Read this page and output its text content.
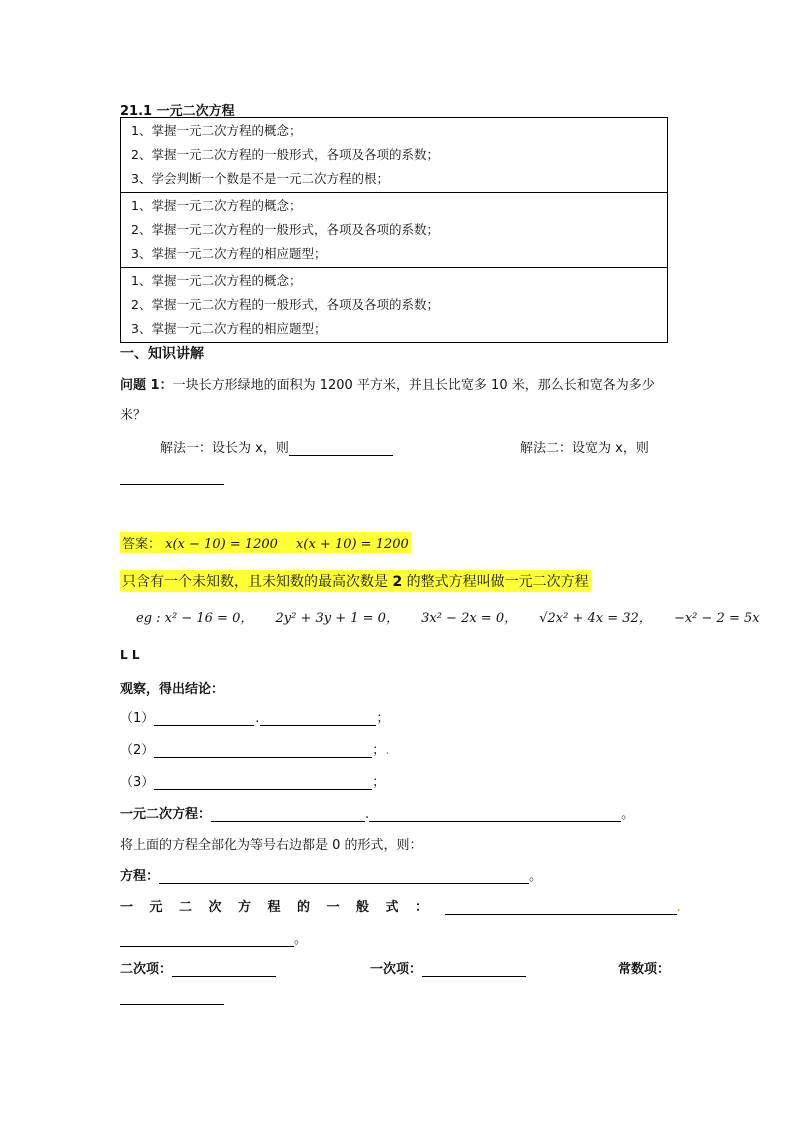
21.1 一元二次方程
1、掌握一元二次方程的概念；
2、掌握一元二次方程的一般形式，各项及各项的系数；
3、学会判断一个数是不是一元二次方程的根；

1、掌握一元二次方程的概念；
2、掌握一元二次方程的一般形式，各项及各项的系数；
3、掌握一元二次方程的相应题型；

1、掌握一元二次方程的概念；
2、掌握一元二次方程的一般形式，各项及各项的系数；
3、掌握一元二次方程的相应题型；
一、知识讲解
问题 1：一块长方形绿地的面积为 1200 平方米，并且长比宽多 10 米，那么长和宽各为多少
米？
解法一：设长为 x，则	解法二：设宽为 x，则
答案： x(x − 10) = 1200 x(x + 10) = 1200
只含有一个未知数，且未知数的最高次数是 2 的整式方程叫做一元二次方程
eg : x² − 16 = 0， 2y² + 3y + 1 = 0， 3x² − 2x = 0， √2x² + 4x = 32， −x² − 2 = 5x
L L
观察，得出结论：
（1）	.	；
（2）	；.
（3）	；
一元二次方程：	.	。
将上面的方程全部化为等号右边都是 0 的形式，则：
方程：	。
一元二次方程的一般式：	.
。
二次项：	一次项：	常数项：
